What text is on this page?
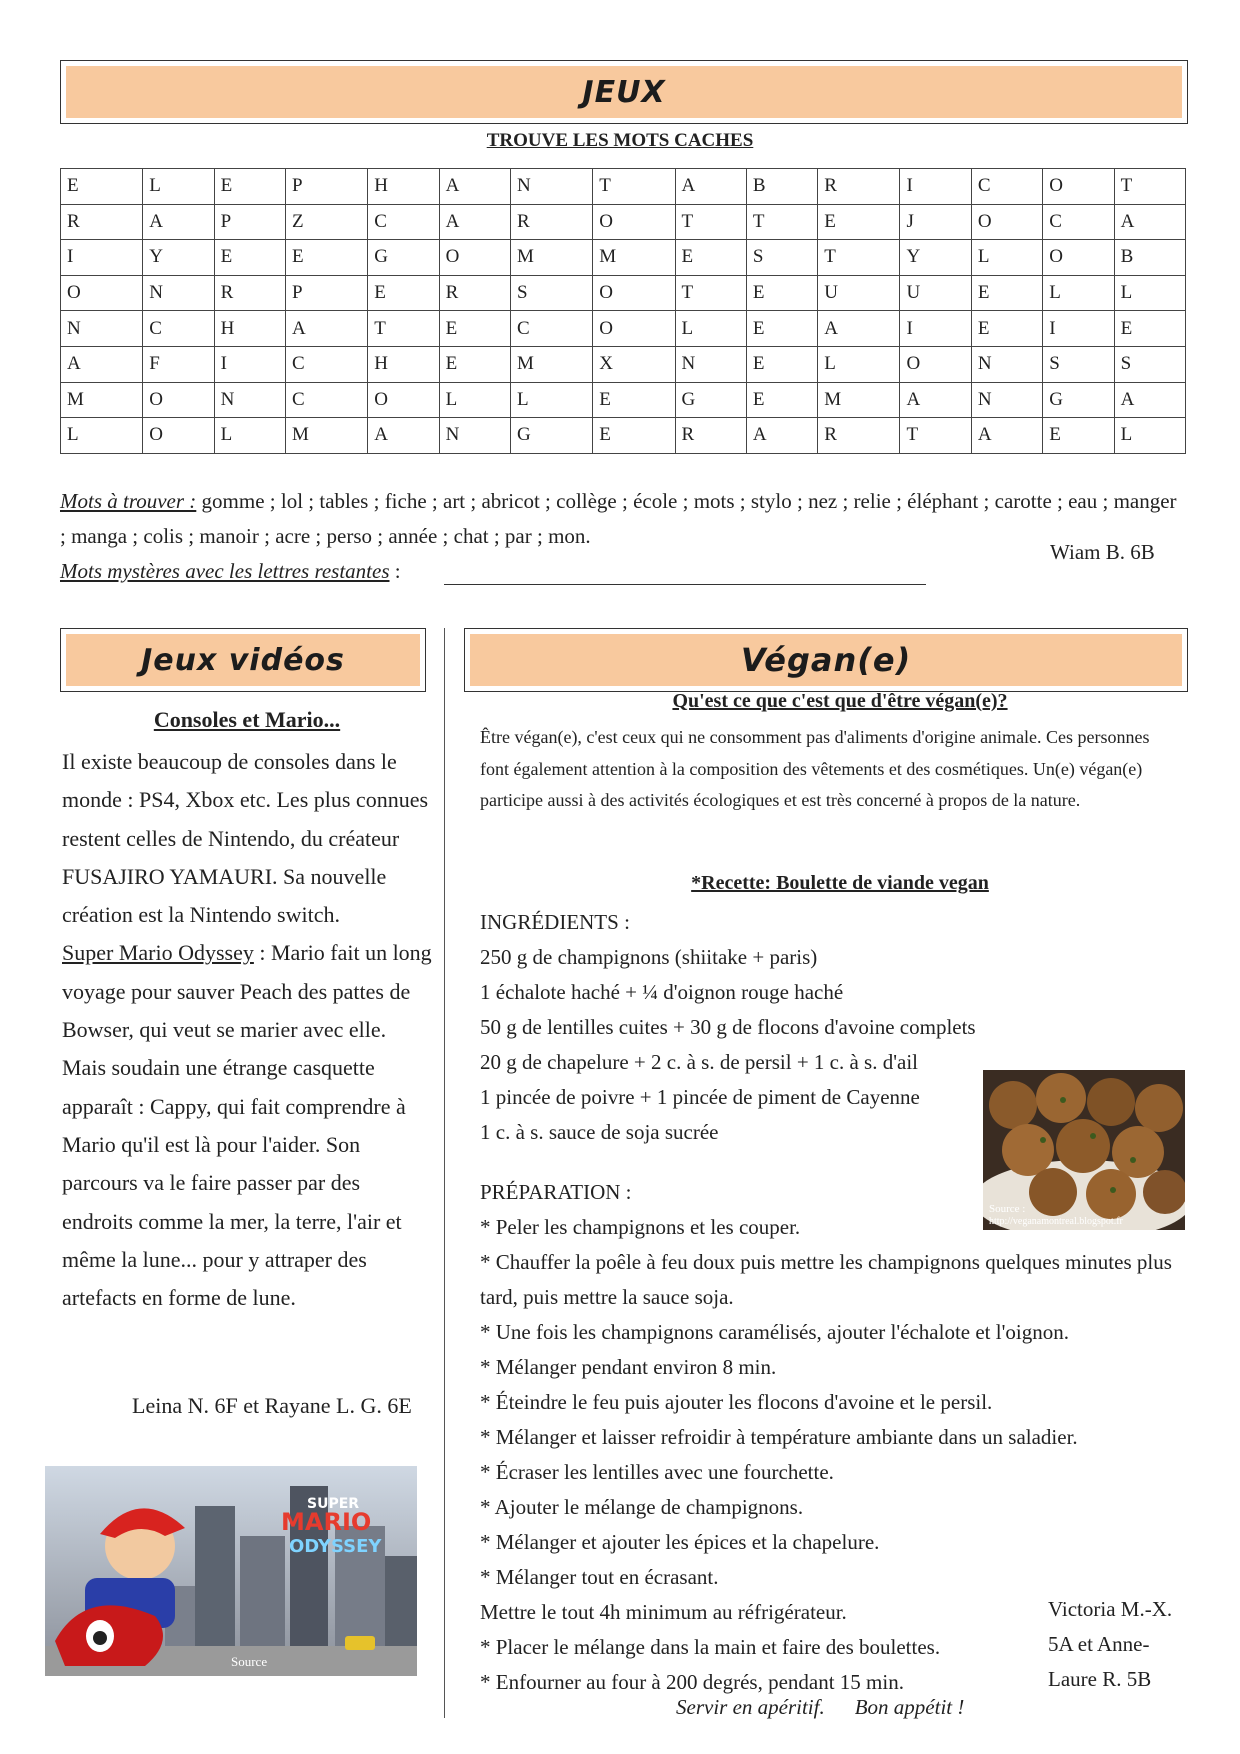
JEUX
TROUVE LES MOTS CACHES
E	L	E	P	H	A	N	T	A	B	R	I	C	O	T
R	A	P	Z	C	A	R	O	T	T	E	J	O	C	A
I	Y	E	E	G	O	M	M	E	S	T	Y	L	O	B
O	N	R	P	E	R	S	O	T	E	U	U	E	L	L
N	C	H	A	T	E	C	O	L	E	A	I	E	I	E
A	F	I	C	H	E	M	X	N	E	L	O	N	S	S
M	O	N	C	O	L	L	E	G	E	M	A	N	G	A
L	O	L	M	A	N	G	E	R	A	R	T	A	E	L
Mots à trouver : gomme ; lol ; tables ; fiche ; art ; abricot ; collège ; école ; mots ; stylo ; nez ; relie ; éléphant ; carotte ; eau ; manger ; manga ; colis ; manoir ; acre ; perso ; année ; chat ; par ; mon.
Mots mystères avec les lettres restantes :
Wiam B. 6B
Jeux vidéos
Consoles et Mario...

Il existe beaucoup de consoles dans le monde : PS4, Xbox etc. Les plus connues restent celles de Nintendo, du créateur FUSAJIRO YAMAURI. Sa nouvelle création est la Nintendo switch.

Super Mario Odyssey : Mario fait un long voyage pour sauver Peach des pattes de Bowser, qui veut se marier avec elle. Mais soudain une étrange casquette apparaît : Cappy, qui fait comprendre à Mario qu'il est là pour l'aider. Son parcours va le faire passer par des endroits comme la mer, la terre, l'air et même la lune... pour y attraper des artefacts en forme de lune.

Leina N. 6F et Rayane L. G. 6E
SUPER
MARIO
ODYSSEY
Source
Végan(e)
Qu'est ce que c'est que d'être végan(e)?
Être végan(e), c'est ceux qui ne consomment pas d'aliments d'origine animale. Ces personnes font également attention à la composition des vêtements et des cosmétiques. Un(e) végan(e) participe aussi à des activités écologiques et est très concerné à propos de la nature.
*Recette: Boulette de viande vegan

INGRÉDIENTS :

250 g de champignons (shiitake + paris)

1 échalote haché + ¼ d'oignon rouge haché

50 g de lentilles cuites + 30 g de flocons d'avoine complets

20 g de chapelure + 2 c. à s. de persil + 1 c. à s. d'ail

1 pincée de poivre + 1 pincée de piment de Cayenne

1 c. à s. sauce de soja sucrée

Source :
http://veganamontreal.blogspot.fr

PRÉPARATION :

* Peler les champignons et les couper.

* Chauffer la poêle à feu doux puis mettre les champignons quelques minutes plus tard, puis mettre la sauce soja.

* Une fois les champignons caramélisés, ajouter l'échalote et l'oignon.

* Mélanger pendant environ 8 min.

* Éteindre le feu puis ajouter les flocons d'avoine et le persil.

* Mélanger et laisser refroidir à température ambiante dans un saladier.

* Écraser les lentilles avec une fourchette.

* Ajouter le mélange de champignons.

* Mélanger et ajouter les épices et la chapelure.

* Mélanger tout en écrasant.

Mettre le tout 4h minimum au réfrigérateur.

* Placer le mélange dans la main et faire des boulettes.

* Enfourner au four à 200 degrés, pendant 15 min.

Victoria M.-X. 5A et Anne-Laure R. 5B
Servir en apéritif. Bon appétit !
